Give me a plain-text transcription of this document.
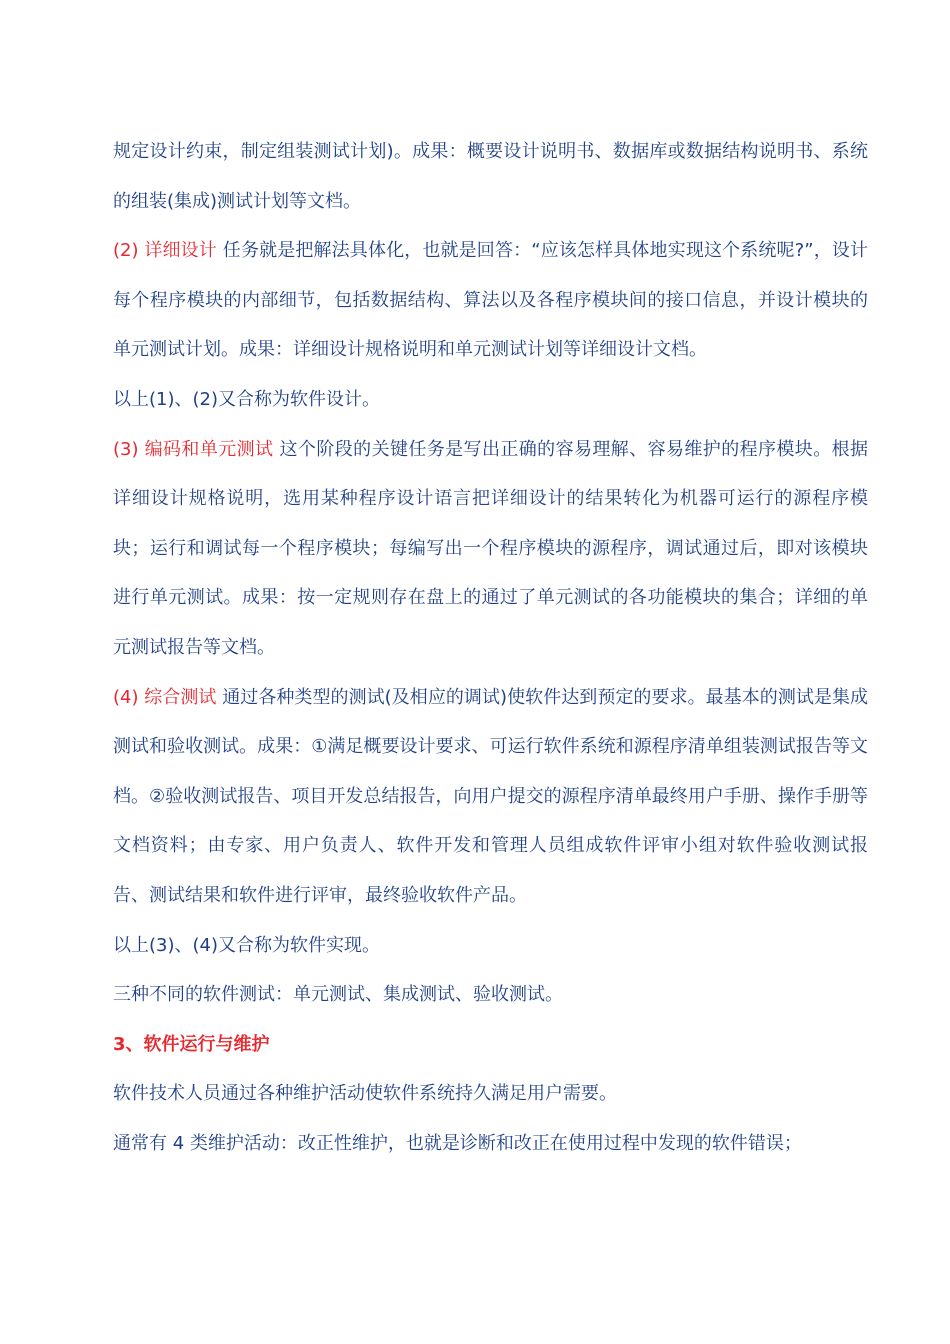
规定设计约束，制定组装测试计划)。成果：概要设计说明书、数据库或数据结构说明书、系统的组装(集成)测试计划等文档。

(2) 详细设计 任务就是把解法具体化，也就是回答：“应该怎样具体地实现这个系统呢?”，设计每个程序模块的内部细节，包括数据结构、算法以及各程序模块间的接口信息，并设计模块的单元测试计划。成果：详细设计规格说明和单元测试计划等详细设计文档。

以上(1)、(2)又合称为软件设计。

(3) 编码和单元测试 这个阶段的关键任务是写出正确的容易理解、容易维护的程序模块。根据详细设计规格说明，选用某种程序设计语言把详细设计的结果转化为机器可运行的源程序模块；运行和调试每一个程序模块；每编写出一个程序模块的源程序，调试通过后，即对该模块进行单元测试。成果：按一定规则存在盘上的通过了单元测试的各功能模块的集合；详细的单元测试报告等文档。

(4) 综合测试 通过各种类型的测试(及相应的调试)使软件达到预定的要求。最基本的测试是集成测试和验收测试。成果：①满足概要设计要求、可运行软件系统和源程序清单组装测试报告等文档。②验收测试报告、项目开发总结报告，向用户提交的源程序清单最终用户手册、操作手册等文档资料；由专家、用户负责人、软件开发和管理人员组成软件评审小组对软件验收测试报告、测试结果和软件进行评审，最终验收软件产品。

以上(3)、(4)又合称为软件实现。

三种不同的软件测试：单元测试、集成测试、验收测试。

3、软件运行与维护

软件技术人员通过各种维护活动使软件系统持久满足用户需要。

通常有 4 类维护活动：改正性维护，也就是诊断和改正在使用过程中发现的软件错误；
